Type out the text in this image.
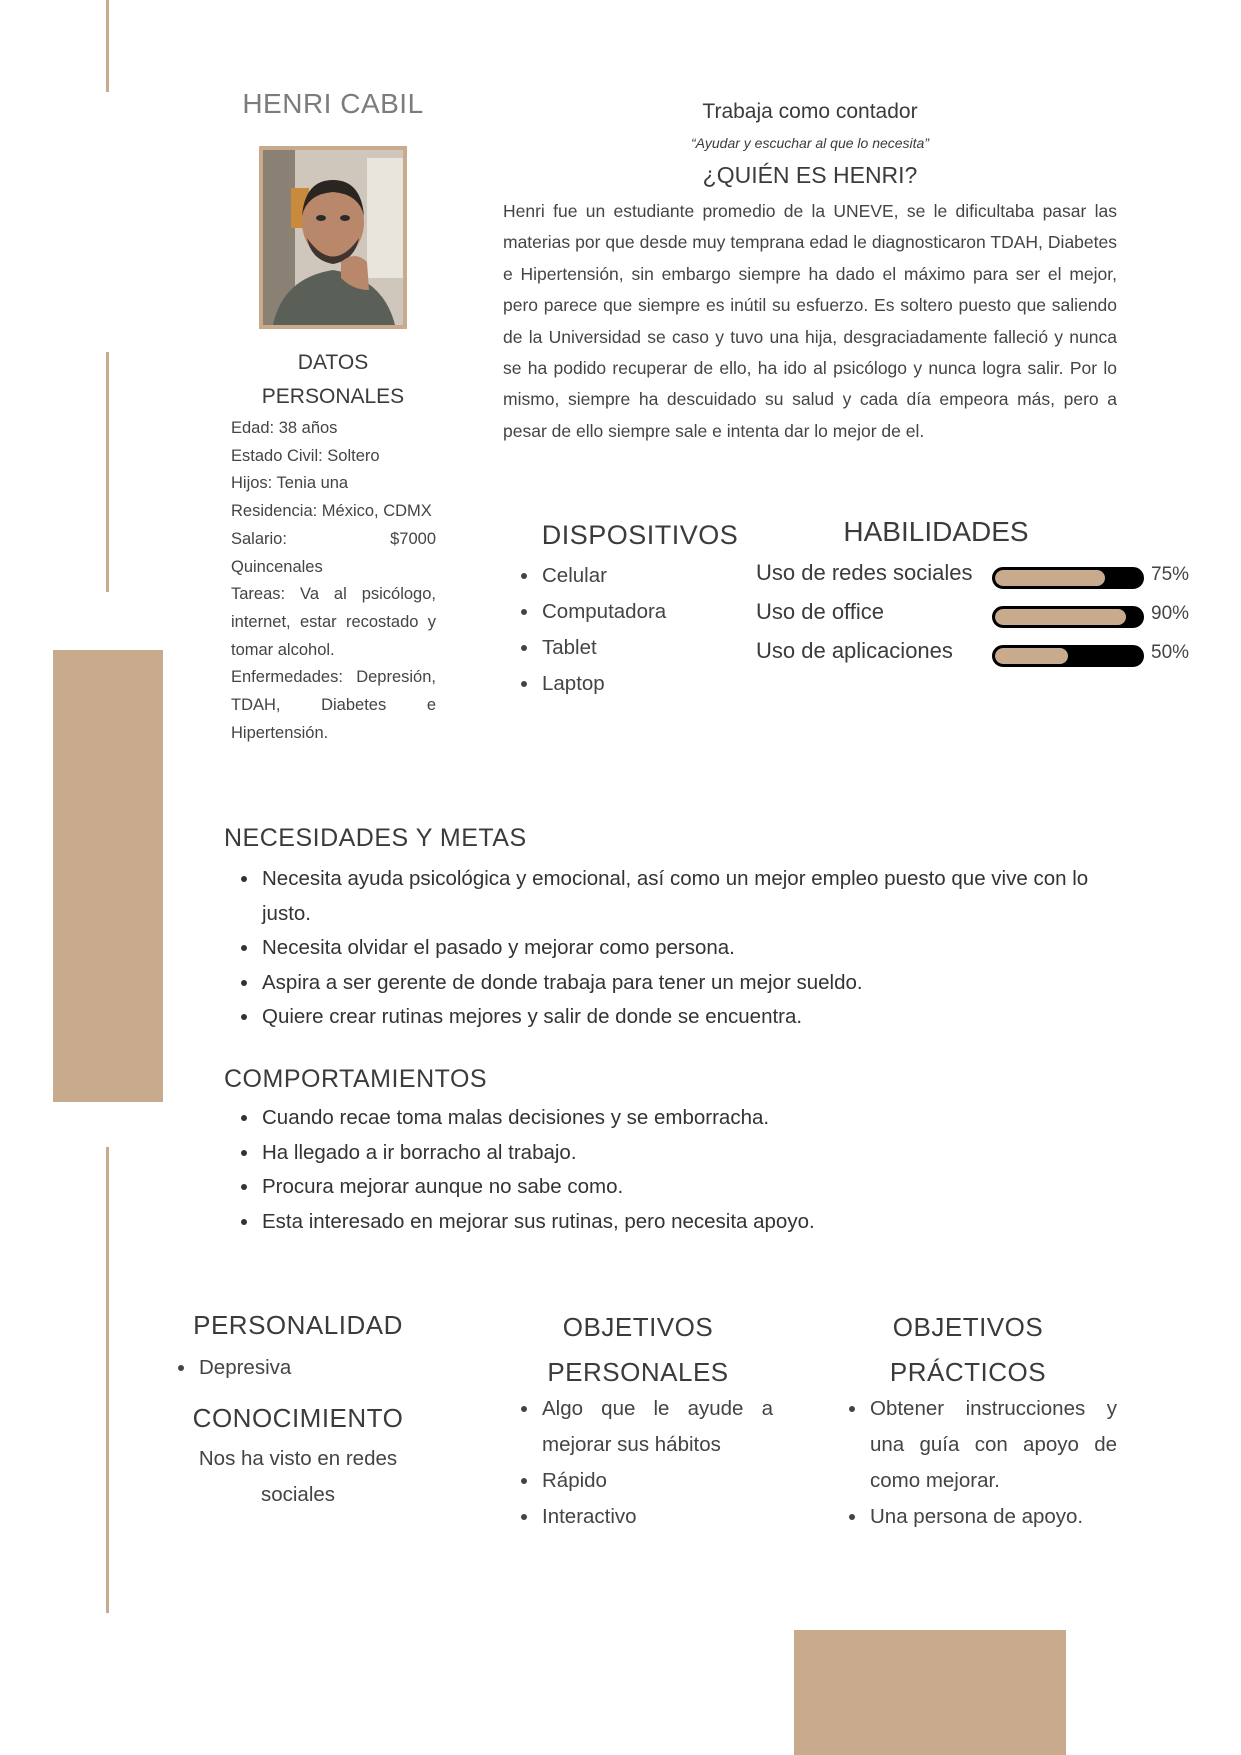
HENRI CABIL	Trabaja como contador
“Ayudar y escuchar al que lo necesita”
¿QUIÉN ES HENRI?
Henri fue un estudiante promedio de la UNEVE, se le dificultaba pasar las materias por que desde muy temprana edad le diagnosticaron TDAH, Diabetes e Hipertensión, sin embargo siempre ha dado el máximo para ser el mejor, pero parece que siempre es inútil su esfuerzo. Es soltero puesto que saliendo de la Universidad se caso y tuvo una hija, desgraciadamente falleció y nunca se ha podido recuperar de ello, ha ido al psicólogo y nunca logra salir. Por lo mismo, siempre ha descuidado su salud y cada día empeora más, pero a pesar de ello siempre sale e intenta dar lo mejor de el.
DATOS
PERSONALES
Edad: 38 años
Estado Civil: Soltero
Hijos: Tenia una
Residencia: México, CDMX
Salario:	$7000
Quincenales
Tareas: Va al psicólogo, internet, estar recostado y tomar alcohol.
Enfermedades: Depresión, TDAH, Diabetes e Hipertensión.
DISPOSITIVOS
• Celular
• Computadora
• Tablet
• Laptop
HABILIDADES
Uso de redes sociales	75%
Uso de office	90%
Uso de aplicaciones	50%
NECESIDADES Y METAS
• Necesita ayuda psicológica y emocional, así como un mejor empleo puesto que vive con lo justo.
• Necesita olvidar el pasado y mejorar como persona.
• Aspira a ser gerente de donde trabaja para tener un mejor sueldo.
• Quiere crear rutinas mejores y salir de donde se encuentra.
COMPORTAMIENTOS
• Cuando recae toma malas decisiones y se emborracha.
• Ha llegado a ir borracho al trabajo.
• Procura mejorar aunque no sabe como.
• Esta interesado en mejorar sus rutinas, pero necesita apoyo.
PERSONALIDAD
• Depresiva
CONOCIMIENTO
Nos ha visto en redes sociales
OBJETIVOS
PERSONALES
• Algo que le ayude a mejorar sus hábitos
• Rápido
• Interactivo
OBJETIVOS
PRÁCTICOS
• Obtener instrucciones y una guía con apoyo de como mejorar.
• Una persona de apoyo.
